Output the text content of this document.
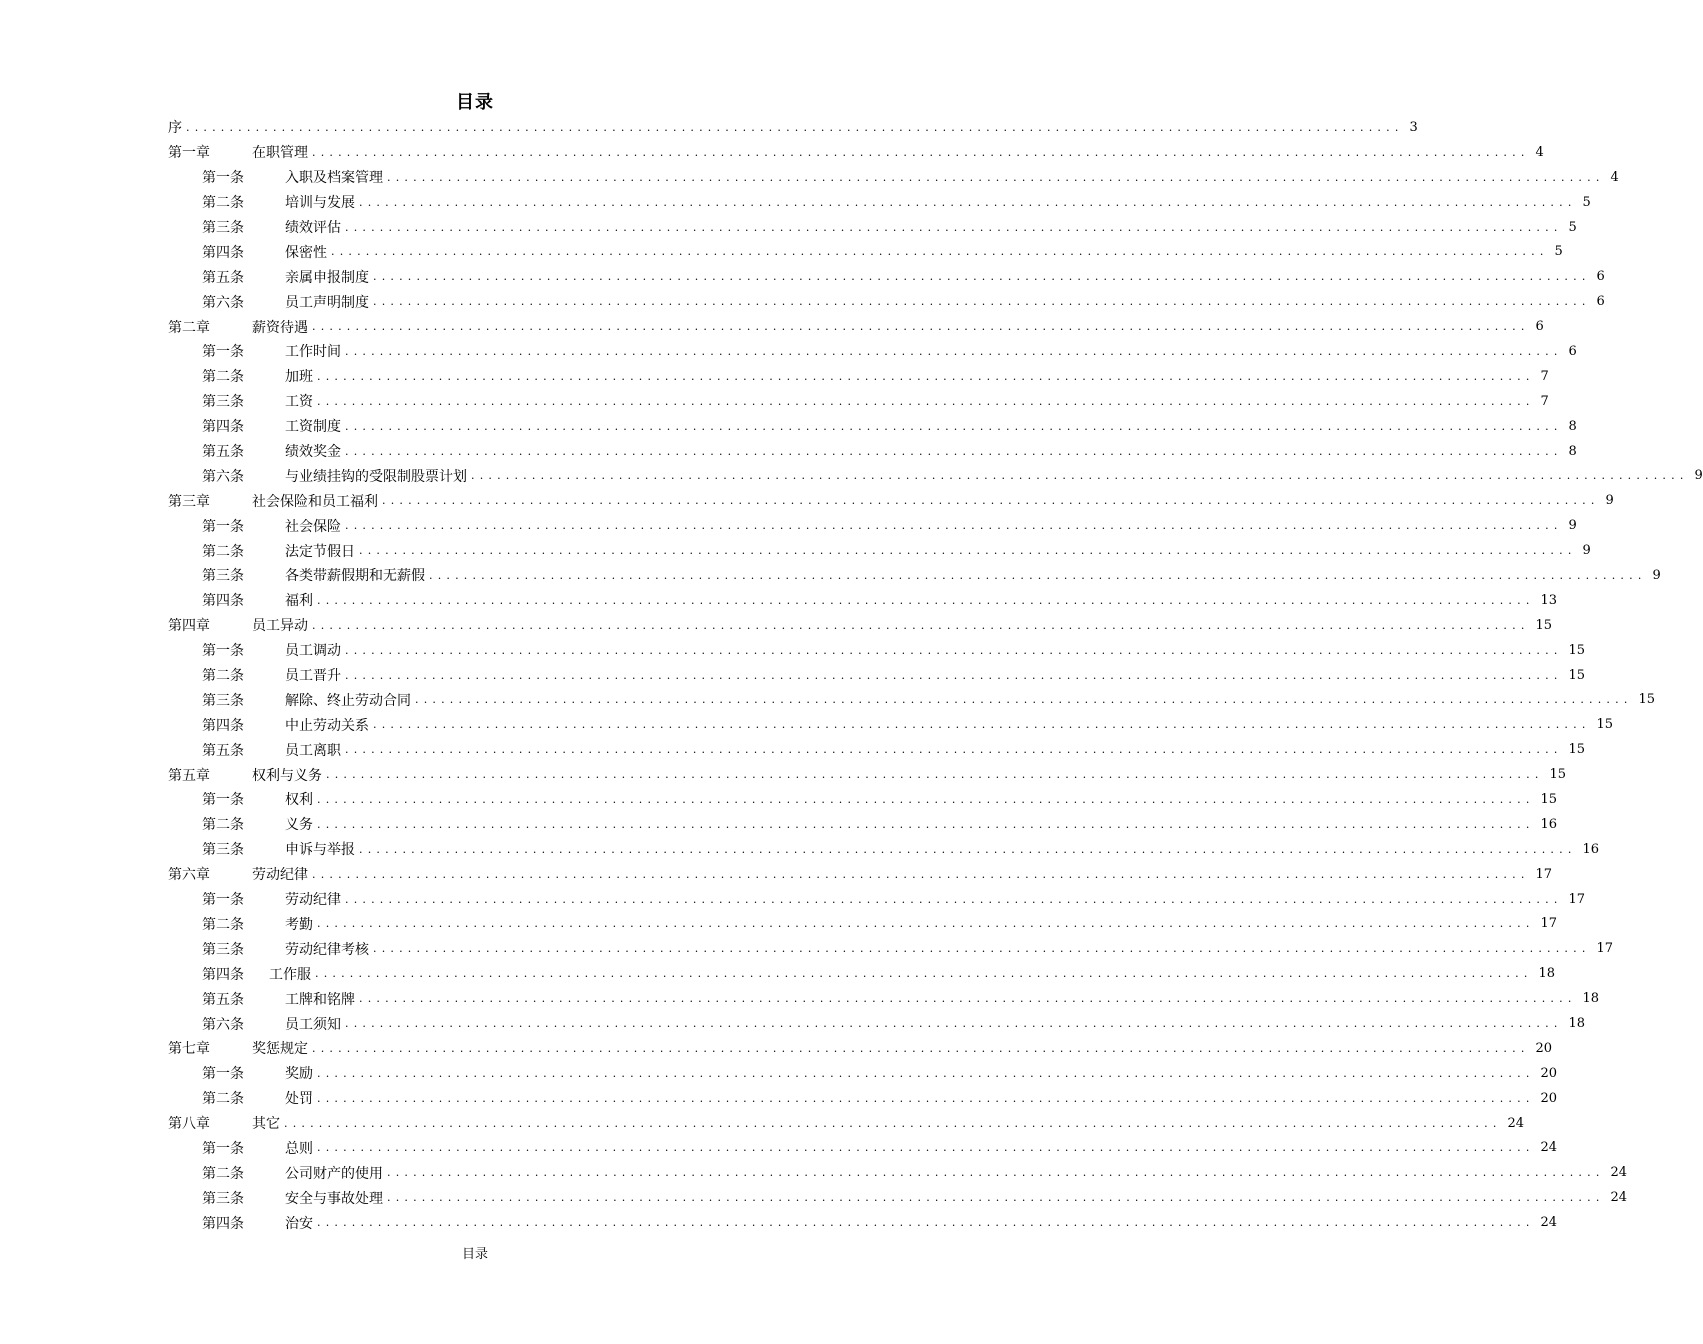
目录
序 ............................................................................................................................................ 3
第一章	在职管理 ............................................................................................................................................ 4
第一条	入职及档案管理 ............................................................................................................................................ 4
第二条	培训与发展 ............................................................................................................................................ 5
第三条	绩效评估 ............................................................................................................................................ 5
第四条	保密性 ............................................................................................................................................ 5
第五条	亲属申报制度 ............................................................................................................................................ 6
第六条	员工声明制度 ............................................................................................................................................ 6
第二章	薪资待遇 ............................................................................................................................................ 6
第一条	工作时间 ............................................................................................................................................ 6
第二条	加班 ............................................................................................................................................ 7
第三条	工资 ............................................................................................................................................ 7
第四条	工资制度 ............................................................................................................................................ 8
第五条	绩效奖金 ............................................................................................................................................ 8
第六条	与业绩挂钩的受限制股票计划 ............................................................................................................................................ 9
第三章	社会保险和员工福利 ............................................................................................................................................ 9
第一条	社会保险 ............................................................................................................................................ 9
第二条	法定节假日 ............................................................................................................................................ 9
第三条	各类带薪假期和无薪假 ............................................................................................................................................ 9
第四条	福利 ............................................................................................................................................ 13
第四章	员工异动 ............................................................................................................................................ 15
第一条	员工调动 ............................................................................................................................................ 15
第二条	员工晋升 ............................................................................................................................................ 15
第三条	解除、终止劳动合同 ............................................................................................................................................ 15
第四条	中止劳动关系 ............................................................................................................................................ 15
第五条	员工离职 ............................................................................................................................................ 15
第五章	权利与义务 ............................................................................................................................................ 15
第一条	权利 ............................................................................................................................................ 15
第二条	义务 ............................................................................................................................................ 16
第三条	申诉与举报 ............................................................................................................................................ 16
第六章	劳动纪律 ............................................................................................................................................ 17
第一条	劳动纪律 ............................................................................................................................................ 17
第二条	考勤 ............................................................................................................................................ 17
第三条	劳动纪律考核 ............................................................................................................................................ 17
第四条	工作服 ............................................................................................................................................ 18
第五条	工牌和铭牌 ............................................................................................................................................ 18
第六条	员工须知 ............................................................................................................................................ 18
第七章	奖惩规定 ............................................................................................................................................ 20
第一条	奖励 ............................................................................................................................................ 20
第二条	处罚 ............................................................................................................................................ 20
第八章	其它 ............................................................................................................................................ 24
第一条	总则 ............................................................................................................................................ 24
第二条	公司财产的使用 ............................................................................................................................................ 24
第三条	安全与事故处理 ............................................................................................................................................ 24
第四条	治安 ............................................................................................................................................ 24
目录
